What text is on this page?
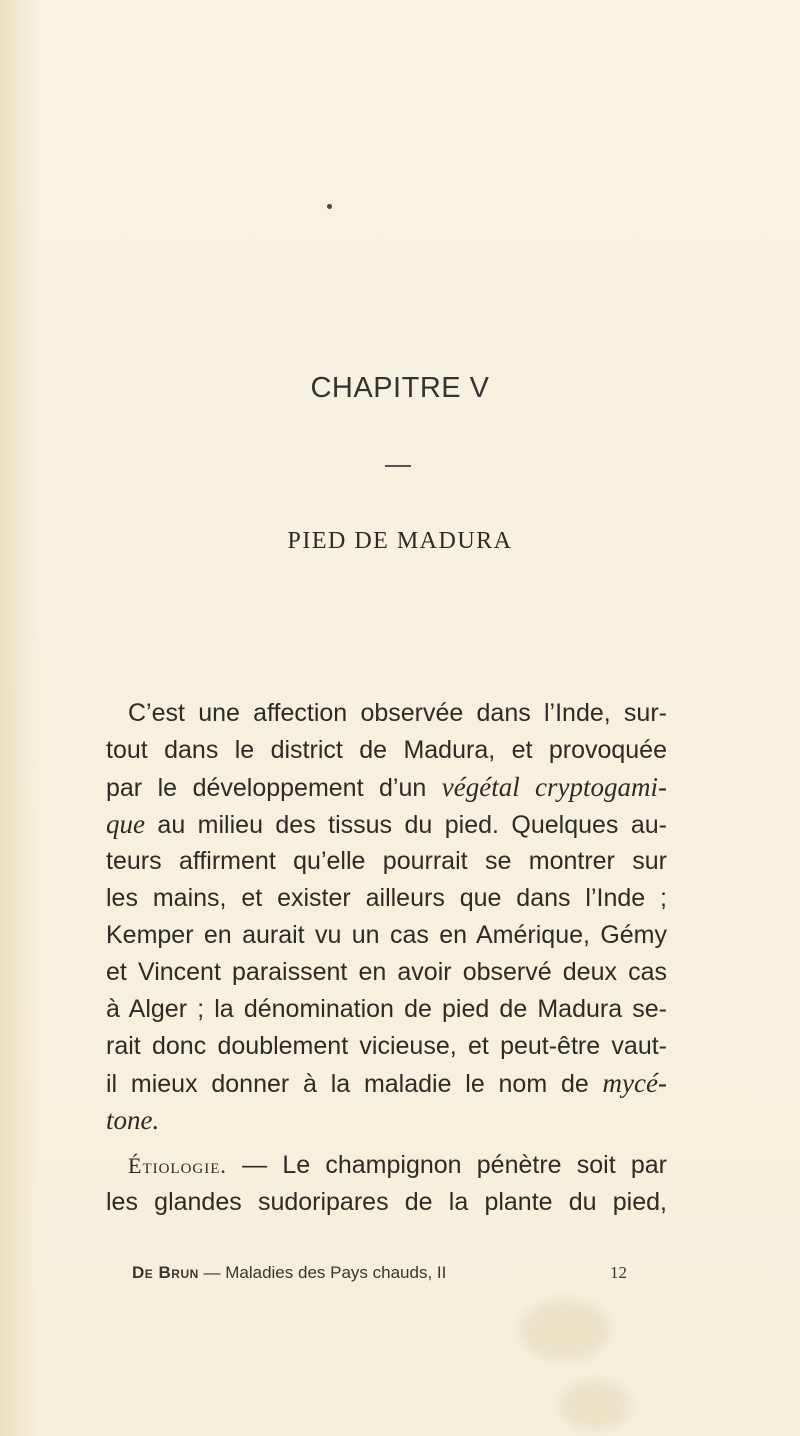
CHAPITRE V
PIED DE MADURA
C’est une affection observée dans l’Inde, sur-
tout dans le district de Madura, et provoquée
par le développement d’un végétal cryptogami-
que au milieu des tissus du pied. Quelques au-
teurs affirment qu’elle pourrait se montrer sur
les mains, et exister ailleurs que dans l’Inde ;
Kemper en aurait vu un cas en Amérique, Gémy
et Vincent paraissent en avoir observé deux cas
à Alger ; la dénomination de pied de Madura se-
rait donc doublement vicieuse, et peut-être vaut-
il mieux donner à la maladie le nom de mycé-
tone.
Étiologie. — Le champignon pénètre soit par
les glandes sudoripares de la plante du pied,
De Brun — Maladies des Pays chauds, II	12
